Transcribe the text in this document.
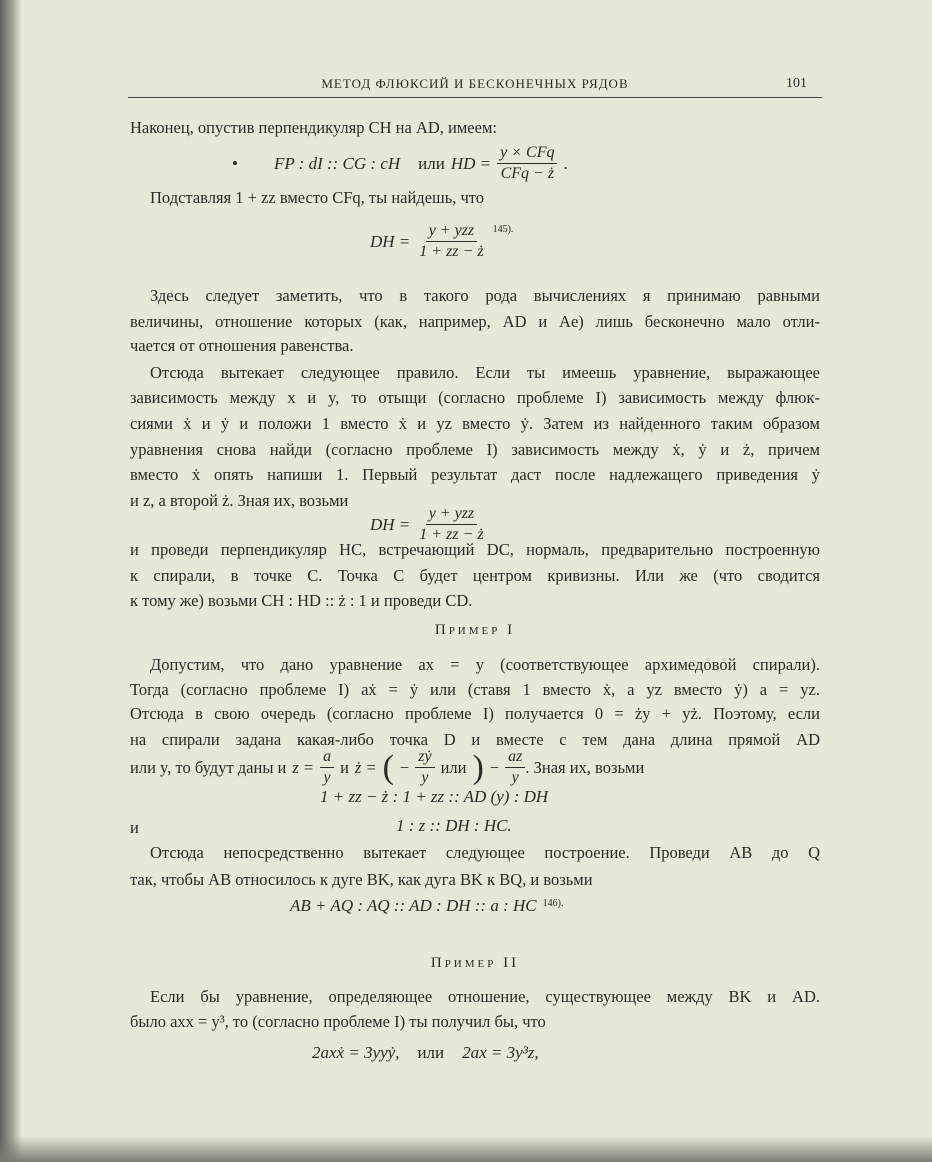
МЕТОД ФЛЮКСИЙ И БЕСКОНЕЧНЫХ РЯДОВ	101
Наконец, опустив перпендикуляр CH на AD, имеем:
• FP : dI :: CG : cH или HD = $\frac{\text{y × CFq}}{\text{CFq − ż}}$ .
Подставляя 1 + zz вместо CFq, ты найдешь, что
DH = $\frac{\text{y + yzz}}{1 + zz - ż} 145$).
Здесь следует заметить, что в такого рода вычислениях я принимаю равными
величины, отношение которых (как, например, AD и Ae) лишь бесконечно мало отли-
чается от отношения равенства.
Отсюда вытекает следующее правило. Если ты имеешь уравнение, выражающее
зависимость между x и y, то отыщи (согласно проблеме I) зависимость между флюк-
сиями ẋ и ẏ и положи 1 вместо ẋ и yz вместо ẏ. Затем из найденного таким образом
уравнения снова найди (согласно проблеме I) зависимость между ẋ, ẏ и ż, причем
вместо ẋ опять напиши 1. Первый результат даст после надлежащего приведения ẏ
и z, а второй ż. Зная их, возьми
DH = $\frac{\text{y + yzz}}{1 + zz - ż}$
и проведи перпендикуляр HC, встречающий DC, нормаль, предварительно построенную
к спирали, в точке C. Точка C будет центром кривизны. Или же (что сводится
к тому же) возьми CH : HD :: ż : 1 и проведи CD.
Пример I
Допустим, что дано уравнение ax = y (соответствующее архимедовой спирали).
Тогда (согласно проблеме I) aẋ = ẏ или (ставя 1 вместо ẋ, а yz вместо ẏ) a = yz.
Отсюда в свою очередь (согласно проблеме I) получается 0 = ży + yż. Поэтому, если
на спирали задана какая-либо точка D и вместе с тем дана длина прямой AD
или y, то будут даны и $z = \frac{a}{y}$ и ż = ( − $\frac{\text{zẏ}}{y}$ или ) − $\frac{az}{y}$ . Зная их, возьми
1 + zz − ż : 1 + zz :: AD (y) : DH
и	1 : z :: DH : HC.
Отсюда непосредственно вытекает следующее построение. Проведи AB до Q
так, чтобы AB относилось к дуге BK, как дуга BK к BQ, и возьми
AB + AQ : AQ :: AD : DH :: a : HC 146).
Пример II
Если бы уравнение, определяющее отношение, существующее между BK и AD.
было axx = y³, то (согласно проблеме I) ты получил бы, что
2axẋ = 3yyẏ, или 2ax = 3y³z,
